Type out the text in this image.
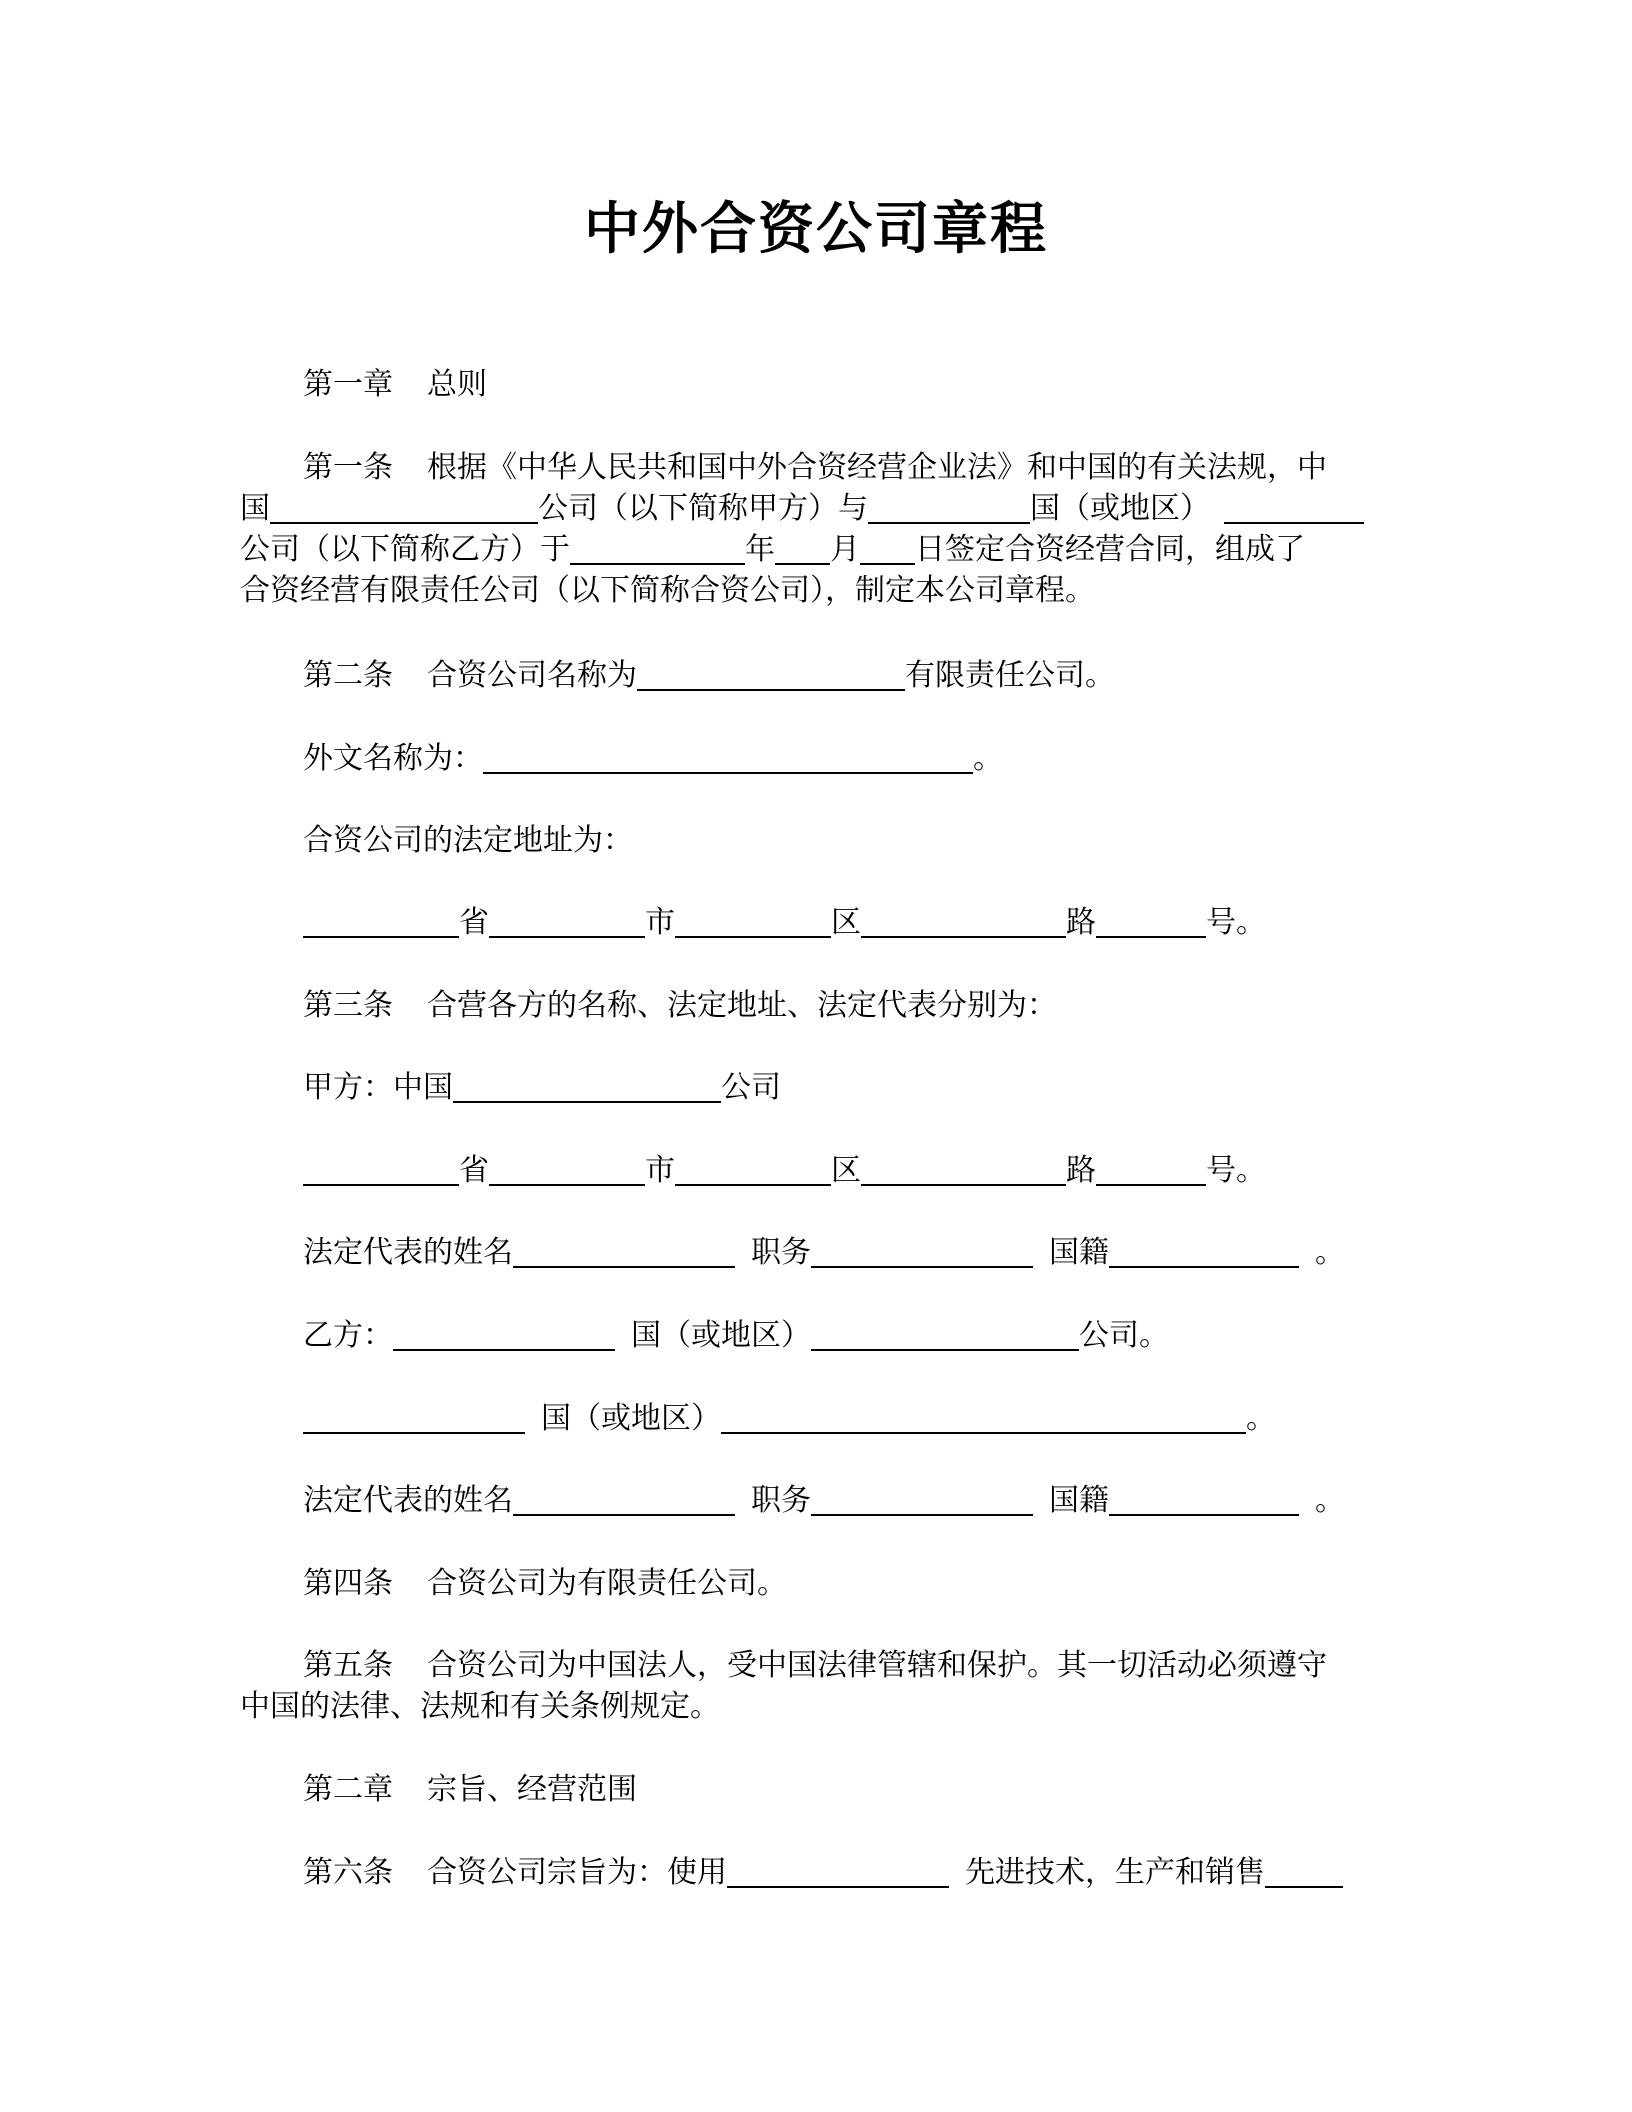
中外合资公司章程
第一章 总则
第一条 根据《中华人民共和国中外合资经营企业法》和中国的有关法规，中
国	公司（以下简称甲方）与	国（或地区）
公司（以下简称乙方）于	年 月 日签定合资经营合同，组成了
合资经营有限责任公司（以下简称合资公司），制定本公司章程。
第二条 合资公司名称为	有限责任公司。
外文名称为：	。
合资公司的法定地址为：
省	市	区	路	号。
第三条 合营各方的名称、法定地址、法定代表分别为：
甲方：中国	公司
省	市	区	路	号。
法定代表的姓名	职务	国籍	。
乙方：	国（或地区）	公司。
国（或地区）	。
法定代表的姓名	职务	国籍	。
第四条 合资公司为有限责任公司。
第五条 合资公司为中国法人，受中国法律管辖和保护。其一切活动必须遵守
中国的法律、法规和有关条例规定。
第二章 宗旨、经营范围
第六条 合资公司宗旨为：使用	先进技术，生产和销售
